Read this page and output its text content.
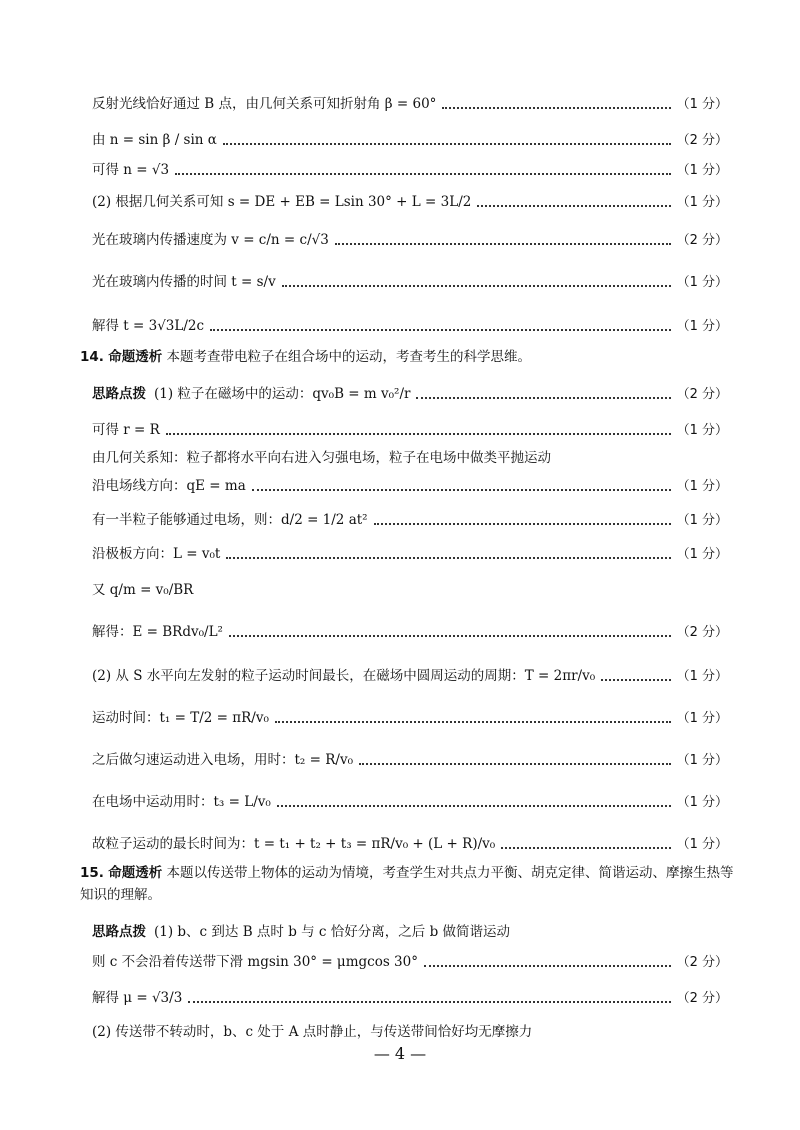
反射光线恰好通过 B 点，由几何关系可知折射角 β = 60°	（1 分）
由 n = sin β / sin α	（2 分）
可得 n = √3	（1 分）
(2) 根据几何关系可知 s = DE + EB = Lsin 30° + L = 3L/2	（1 分）
光在玻璃内传播速度为 v = c/n = c/√3	（2 分）
光在玻璃内传播的时间 t = s/v	（1 分）
解得 t = 3√3L/2c	（1 分）
14. 命题透析 本题考查带电粒子在组合场中的运动，考查考生的科学思维。
思路点拨 (1) 粒子在磁场中的运动：qv₀B = m v₀²/r	（2 分）
可得 r = R	（1 分）
由几何关系知：粒子都将水平向右进入匀强电场，粒子在电场中做类平抛运动
沿电场线方向：qE = ma	（1 分）
有一半粒子能够通过电场，则：d/2 = 1/2 at²	（1 分）
沿极板方向：L = v₀t	（1 分）
又 q/m = v₀/BR
解得：E = BRdv₀/L²	（2 分）
(2) 从 S 水平向左发射的粒子运动时间最长，在磁场中圆周运动的周期：T = 2πr/v₀	（1 分）
运动时间：t₁ = T/2 = πR/v₀	（1 分）
之后做匀速运动进入电场，用时：t₂ = R/v₀	（1 分）
在电场中运动用时：t₃ = L/v₀	（1 分）
故粒子运动的最长时间为：t = t₁ + t₂ + t₃ = πR/v₀ + (L + R)/v₀	（1 分）
15. 命题透析 本题以传送带上物体的运动为情境，考查学生对共点力平衡、胡克定律、简谐运动、摩擦生热等知识的理解。
思路点拨 (1) b、c 到达 B 点时 b 与 c 恰好分离，之后 b 做简谐运动
则 c 不会沿着传送带下滑 mgsin 30° = μmgcos 30°	（2 分）
解得 μ = √3/3	（2 分）
(2) 传送带不转动时，b、c 处于 A 点时静止，与传送带间恰好均无摩擦力
— 4 —
